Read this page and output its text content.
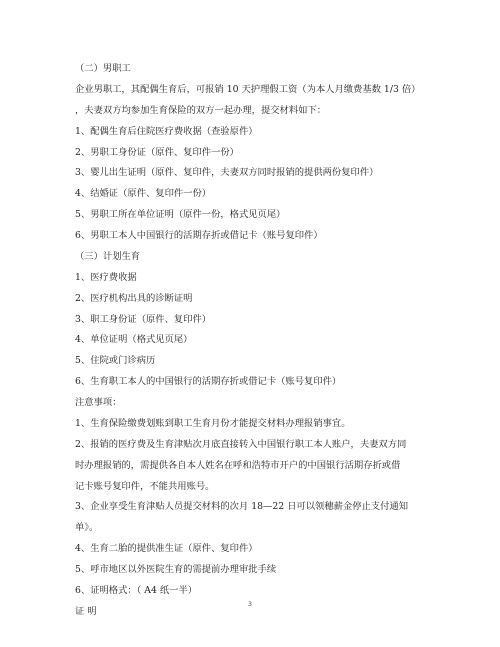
（二）男职工
企业男职工，其配偶生育后，可报销 10 天护理假工资（为本人月缴费基数 1/3 倍）
，夫妻双方均参加生育保险的双方一起办理，提交材料如下：
1、配偶生育后住院医疗费收据（查验原件）
2、男职工身份证（原件、复印件一份）
3、婴儿出生证明（原件、复印件，夫妻双方同时报销的提供两份复印件）
4、结婚证（原件、复印件一份）
5、男职工所在单位证明（原件一份，格式见页尾）
6、男职工本人中国银行的活期存折或借记卡（账号复印件）
（三）计划生育
1、医疗费收据
2、医疗机构出具的诊断证明
3、职工身份证（原件、复印件）
4、单位证明（格式见页尾）
5、住院或门诊病历
6、生育职工本人的中国银行的活期存折或借记卡（账号复印件）
注意事项：
1、生育保险缴费划账到职工生育月份才能提交材料办理报销事宜。
2、报销的医疗费及生育津贴次月底直接转入中国银行职工本人账户，夫妻双方同
时办理报销的，需提供各自本人姓名在呼和浩特市开户的中国银行活期存折或借
记卡账号复印件，不能共用账号。
3、企业享受生育津贴人员提交材料的次月 18—22 日可以领穗薪金停止支付通知
单》。
4、生育二胎的提供准生证（原件、复印件）
5、呼市地区以外医院生育的需提前办理审批手续
6、证明格式：（ A4 纸一半）
证 明
3
